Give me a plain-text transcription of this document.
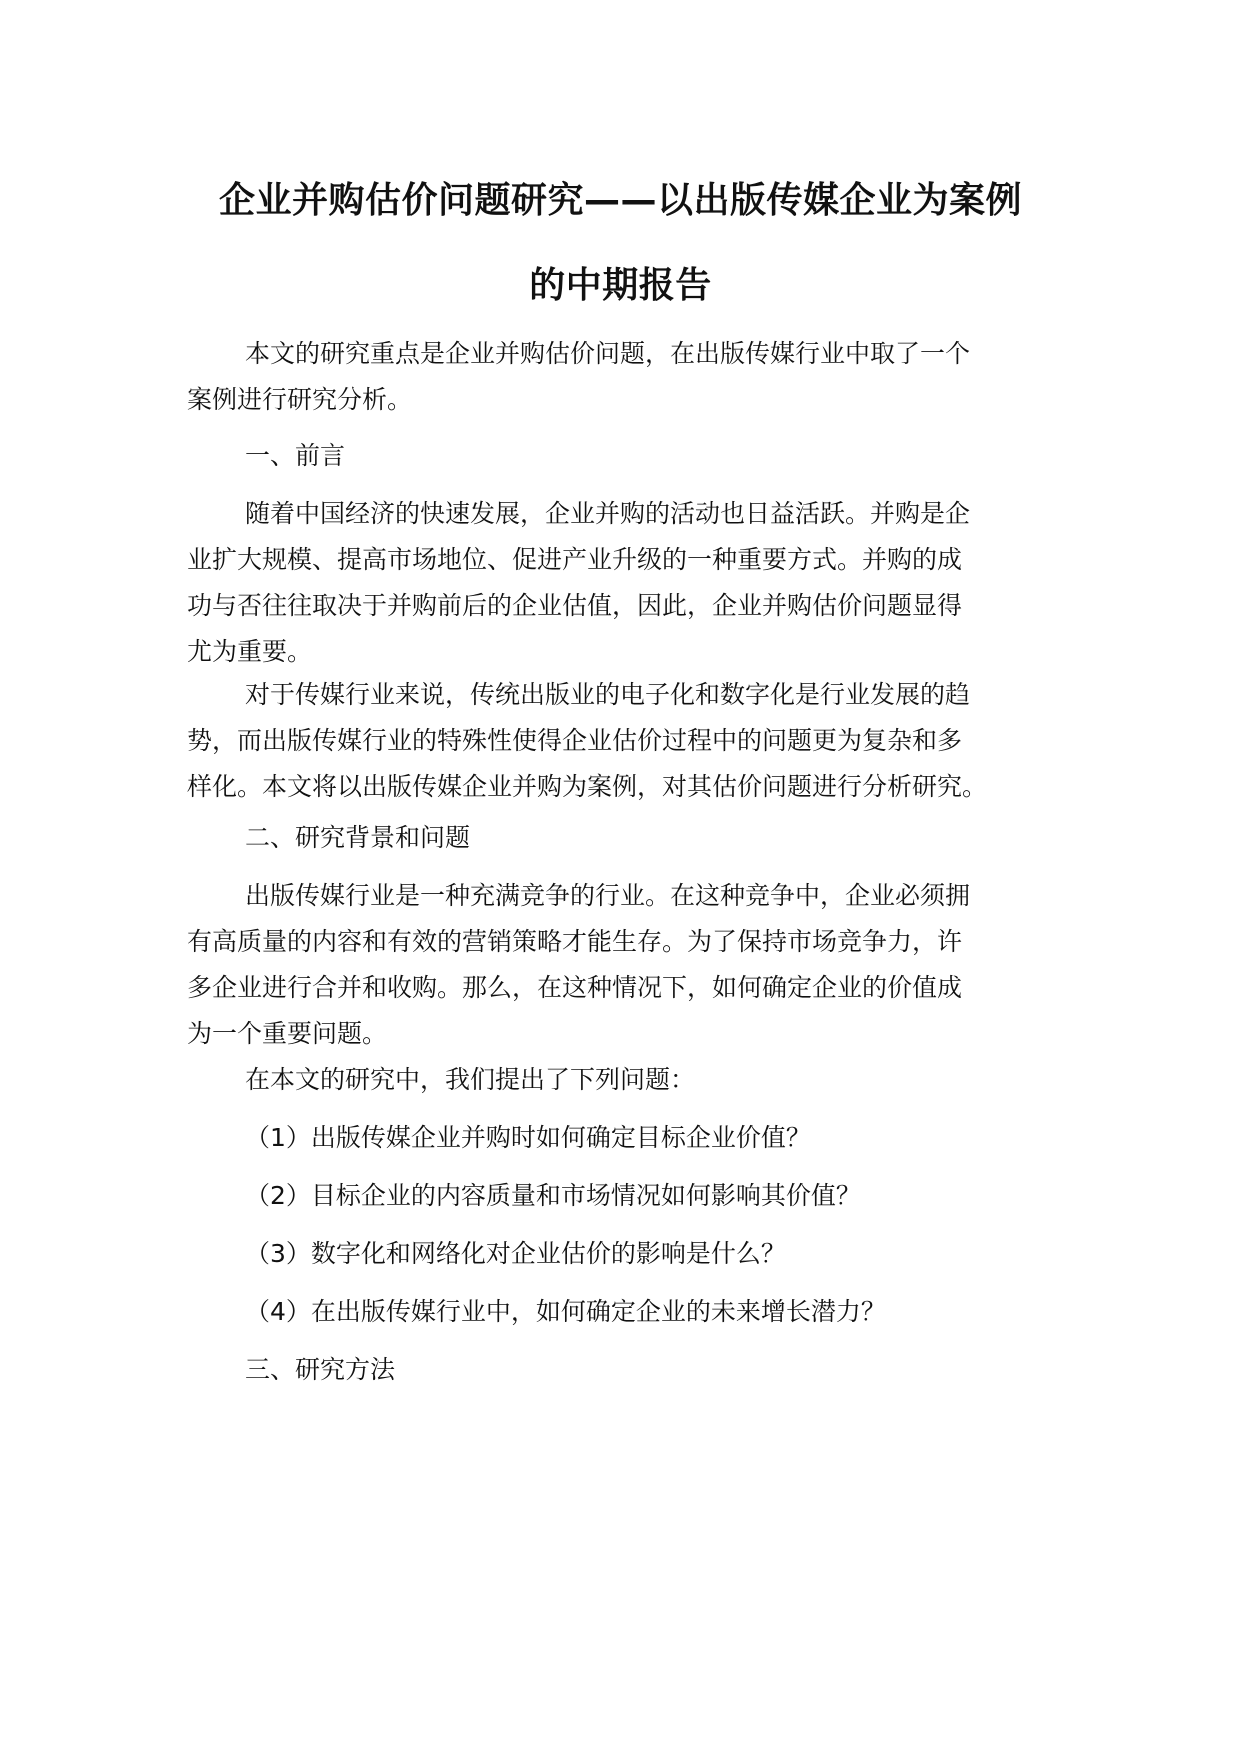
企业并购估价问题研究——以出版传媒企业为案例
的中期报告
本文的研究重点是企业并购估价问题，在出版传媒行业中取了一个
案例进行研究分析。
一、前言
随着中国经济的快速发展，企业并购的活动也日益活跃。并购是企
业扩大规模、提高市场地位、促进产业升级的一种重要方式。并购的成
功与否往往取决于并购前后的企业估值，因此，企业并购估价问题显得
尤为重要。
对于传媒行业来说，传统出版业的电子化和数字化是行业发展的趋
势，而出版传媒行业的特殊性使得企业估价过程中的问题更为复杂和多
样化。本文将以出版传媒企业并购为案例，对其估价问题进行分析研究。
二、研究背景和问题
出版传媒行业是一种充满竞争的行业。在这种竞争中，企业必须拥
有高质量的内容和有效的营销策略才能生存。为了保持市场竞争力，许
多企业进行合并和收购。那么，在这种情况下，如何确定企业的价值成
为一个重要问题。
在本文的研究中，我们提出了下列问题：
（1）出版传媒企业并购时如何确定目标企业价值？
（2）目标企业的内容质量和市场情况如何影响其价值？
（3）数字化和网络化对企业估价的影响是什么？
（4）在出版传媒行业中，如何确定企业的未来增长潜力？
三、研究方法
